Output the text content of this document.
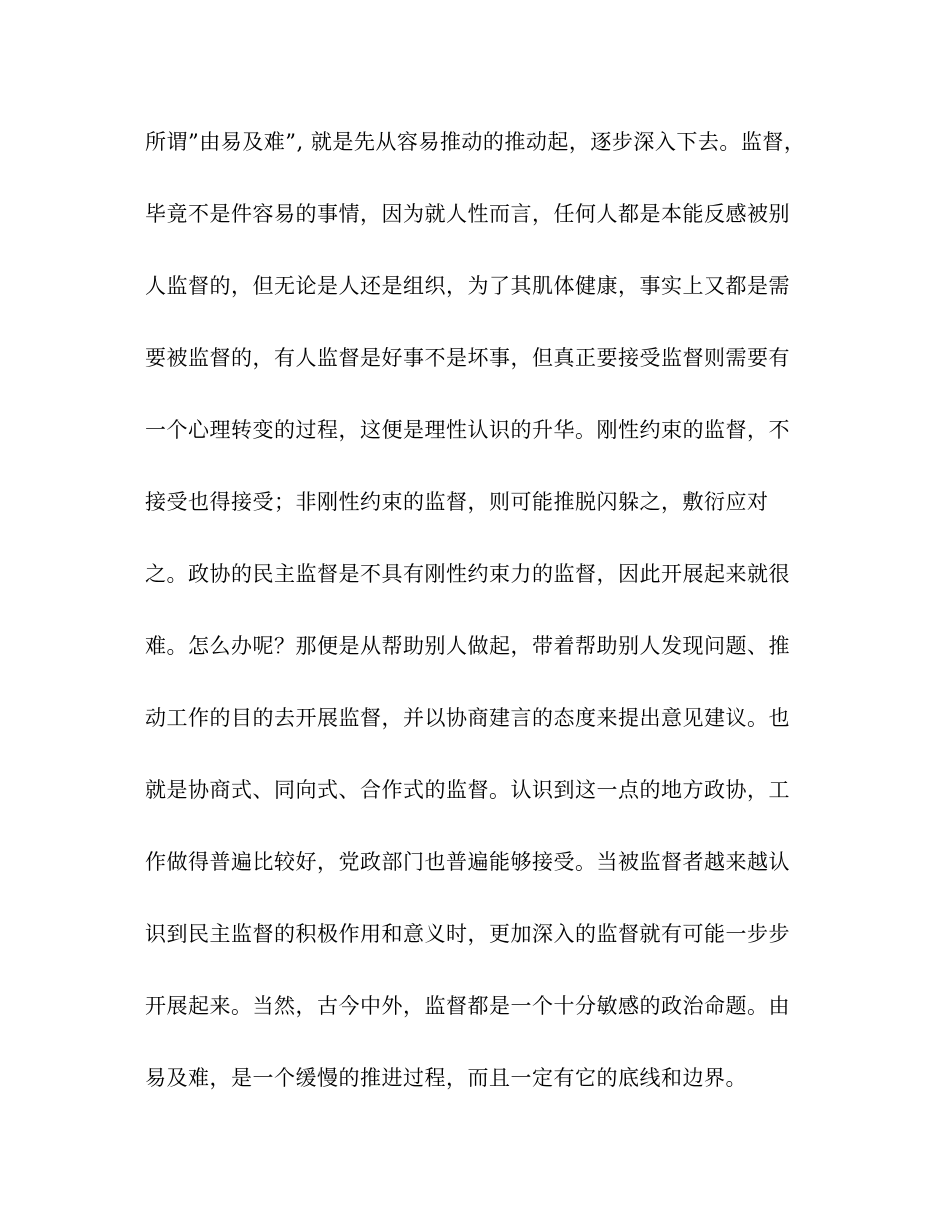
所谓”由易及难”, 就是先从容易推动的推动起，逐步深入下去。监督，
毕竟不是件容易的事情，因为就人性而言，任何人都是本能反感被别
人监督的，但无论是人还是组织，为了其肌体健康，事实上又都是需
要被监督的，有人监督是好事不是坏事，但真正要接受监督则需要有
一个心理转变的过程，这便是理性认识的升华。刚性约束的监督，不
接受也得接受；非刚性约束的监督，则可能推脱闪躲之，敷衍应对
之。政协的民主监督是不具有刚性约束力的监督，因此开展起来就很
难。怎么办呢？那便是从帮助别人做起，带着帮助别人发现问题、推
动工作的目的去开展监督，并以协商建言的态度来提出意见建议。也
就是协商式、同向式、合作式的监督。认识到这一点的地方政协，工
作做得普遍比较好，党政部门也普遍能够接受。当被监督者越来越认
识到民主监督的积极作用和意义时，更加深入的监督就有可能一步步
开展起来。当然，古今中外，监督都是一个十分敏感的政治命题。由
易及难，是一个缓慢的推进过程，而且一定有它的底线和边界。
